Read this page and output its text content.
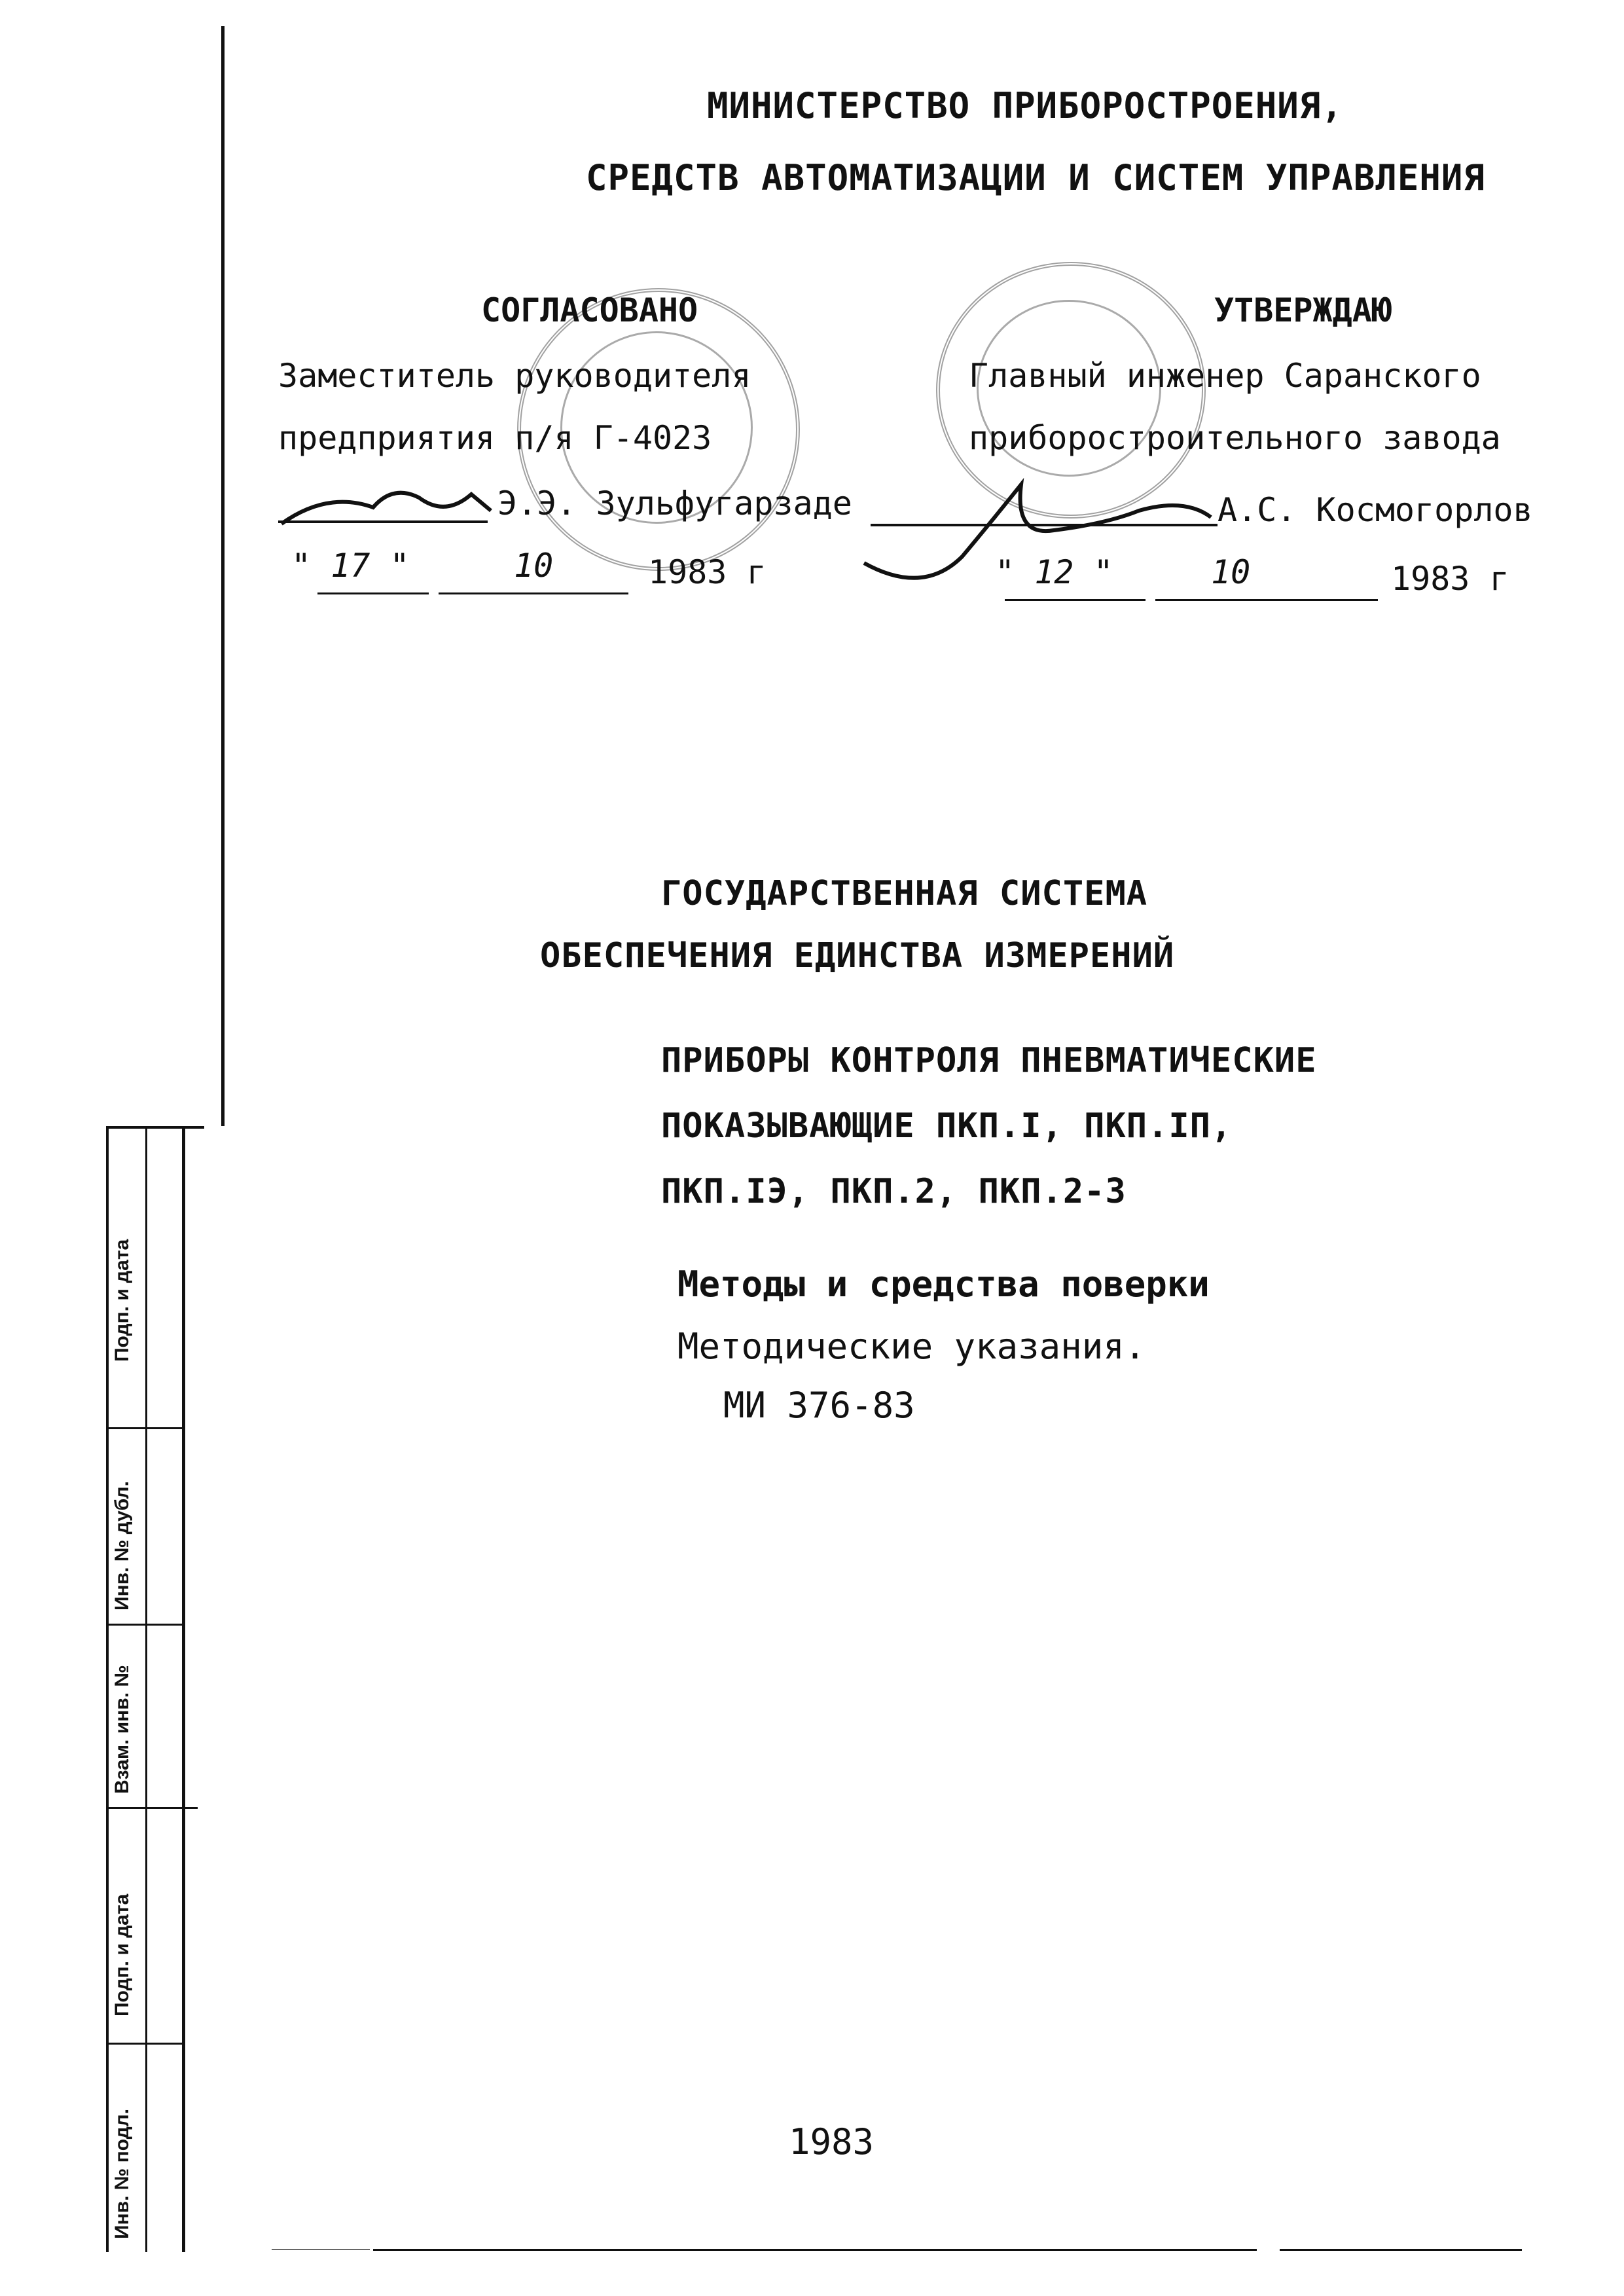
Инв. № подл.
Подп. и дата
Взам. инв. №
Инв. № дубл.
Подп. и дата
МИНИСТЕРСТВО ПРИБОРОСТРОЕНИЯ,
СРЕДСТВ АВТОМАТИЗАЦИИ И СИСТЕМ УПРАВЛЕНИЯ
СОГЛАСОВАНО
Заместитель руководителя
предприятия п/я Г-4023
Э.Э. Зульфугарзаде
" 17 "	10	1983 г
УТВЕРЖДАЮ
Главный инженер Саранского
приборостроительного завода
А.С. Космогорлов
" 12 "	10	1983 г
ГОСУДАРСТВЕННАЯ СИСТЕМА
ОБЕСПЕЧЕНИЯ ЕДИНСТВА ИЗМЕРЕНИЙ
ПРИБОРЫ КОНТРОЛЯ ПНЕВМАТИЧЕСКИЕ
ПОКАЗЫВАЮЩИЕ ПКП.I, ПКП.IП,
ПКП.IЭ, ПКП.2, ПКП.2-3
Методы и средства поверки
Методические указания.
МИ 376-83
1983
